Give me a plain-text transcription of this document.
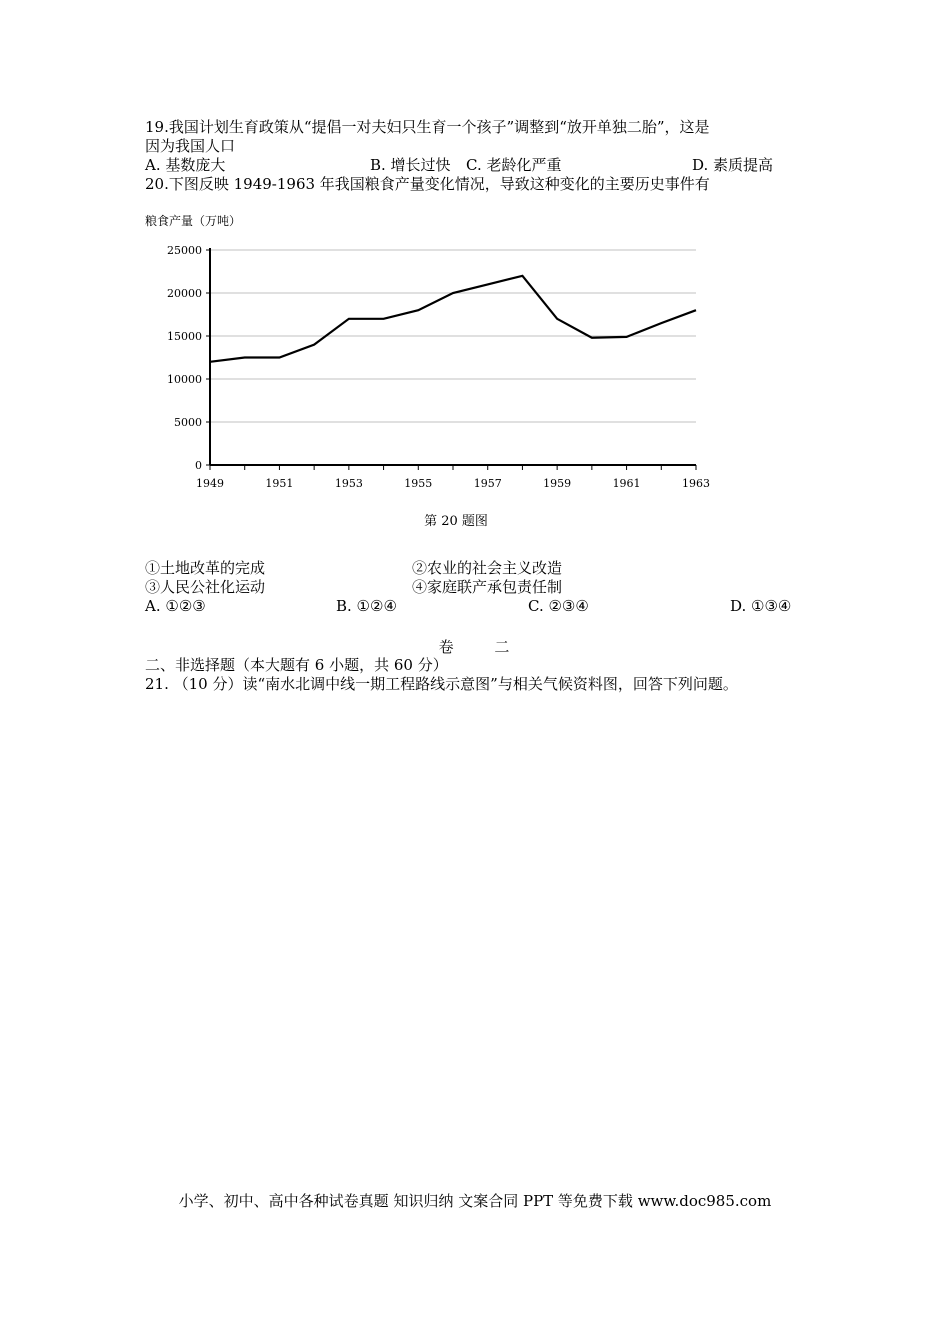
19.我国计划生育政策从“提倡一对夫妇只生育一个孩子”调整到“放开单独二胎”，这是
因为我国人口
A. 基数庞大	B. 增长过快 C. 老龄化严重	D. 素质提高
20.下图反映 1949-1963 年我国粮食产量变化情况，导致这种变化的主要历史事件有
粮食产量（万吨）
0
5000
10000
15000
20000
25000
1949	1951	1953	1955	1957	1959	1961	1963
第 20 题图
①土地改革的完成	②农业的社会主义改造
③人民公社化运动	④家庭联产承包责任制
A. ①②③	B. ①②④	C. ②③④	D. ①③④
卷 二
二、非选择题（本大题有 6 小题，共 60 分）
21. （10 分）读“南水北调中线一期工程路线示意图”与相关气候资料图，回答下列问题。
小学、初中、高中各种试卷真题 知识归纳 文案合同 PPT 等免费下载 www.doc985.com
